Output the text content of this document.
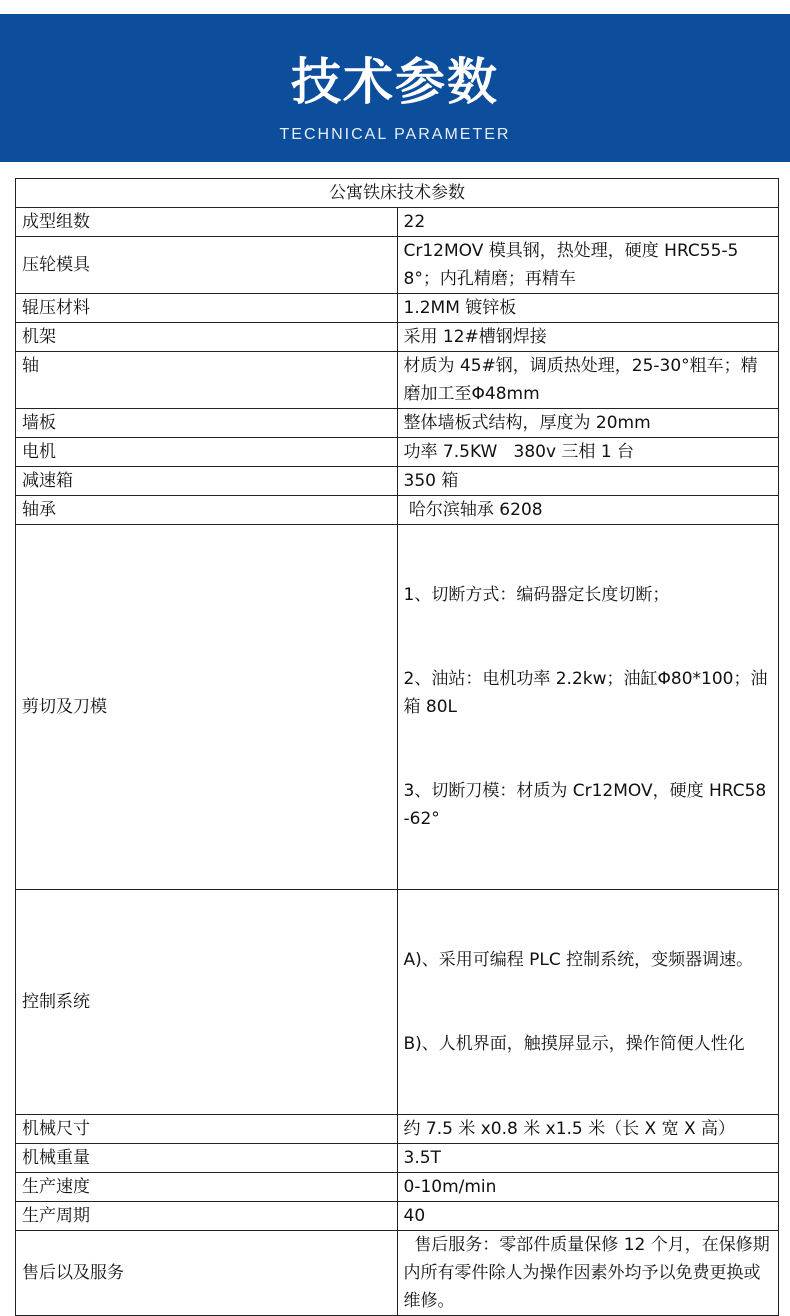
技术参数
TECHNICAL PARAMETER
公寓铁床技术参数	
成型组数	22
压轮模具	Cr12MOV 模具钢，热处理，硬度 HRC55-58°；内孔精磨；再精车
辊压材料	1.2MM 镀锌板
机架	采用 12#槽钢焊接
轴	材质为 45#钢，调质热处理，25-30°粗车；精磨加工至Φ48mm
墙板	整体墙板式结构，厚度为 20mm
电机	功率 7.5KW   380v 三相 1 台
减速箱	350 箱
轴承	哈尔滨轴承 6208
剪切及刀模	1、切断方式：编码器定长度切断；

2、油站：电机功率 2.2kw；油缸Φ80*100；油箱 80L

3、切断刀模：材质为 Cr12MOV，硬度 HRC58-62°

控制系统	A)、采用可编程 PLC 控制系统，变频器调速。

B)、人机界面，触摸屏显示，操作简便人性化

机械尺寸	约 7.5 米 x0.8 米 x1.5 米（长 X 宽 X 高）
机械重量	3.5T
生产速度	0-10m/min
生产周期	40
售后以及服务	售后服务：零部件质量保修 12 个月，在保修期内所有零件除人为操作因素外均予以免费更换或维修。
